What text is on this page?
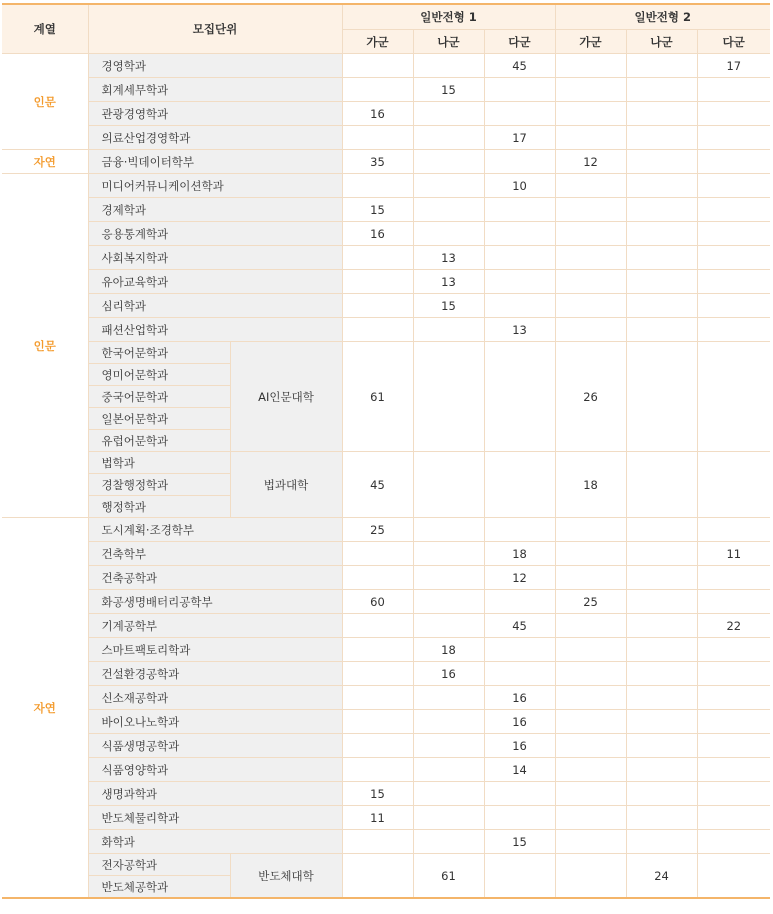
계열	모집단위		일반전형 1			일반전형 2		
			가군	나군	다군	가군	나군	다군
인문	경영학과				45			17
	회계세무학과			15				
	관광경영학과		16					
	의료산업경영학과				17			
자연	금융·빅데이터학부		35			12		
인문	미디어커뮤니케이션학과				10			
	경제학과		15					
	응용통계학과		16					
	사회복지학과			13				
	유아교육학과			13				
	심리학과			15				
	패션산업학과				13			
	한국어문학과	AI인문대학	61			26		
	영미어문학과							
	중국어문학과							
	일본어문학과							
	유럽어문학과							
	법학과	법과대학	45			18		
	경찰행정학과							
	행정학과							
자연	도시계획·조경학부		25					
	건축학부				18			11
	건축공학과				12			
	화공생명배터리공학부		60			25		
	기계공학부				45			22
	스마트팩토리학과			18				
	건설환경공학과			16				
	신소재공학과				16			
	바이오나노학과				16			
	식품생명공학과				16			
	식품영양학과				14			
	생명과학과		15					
	반도체물리학과		11					
	화학과				15			
	전자공학과	반도체대학		61			24	
	반도체공학과							
